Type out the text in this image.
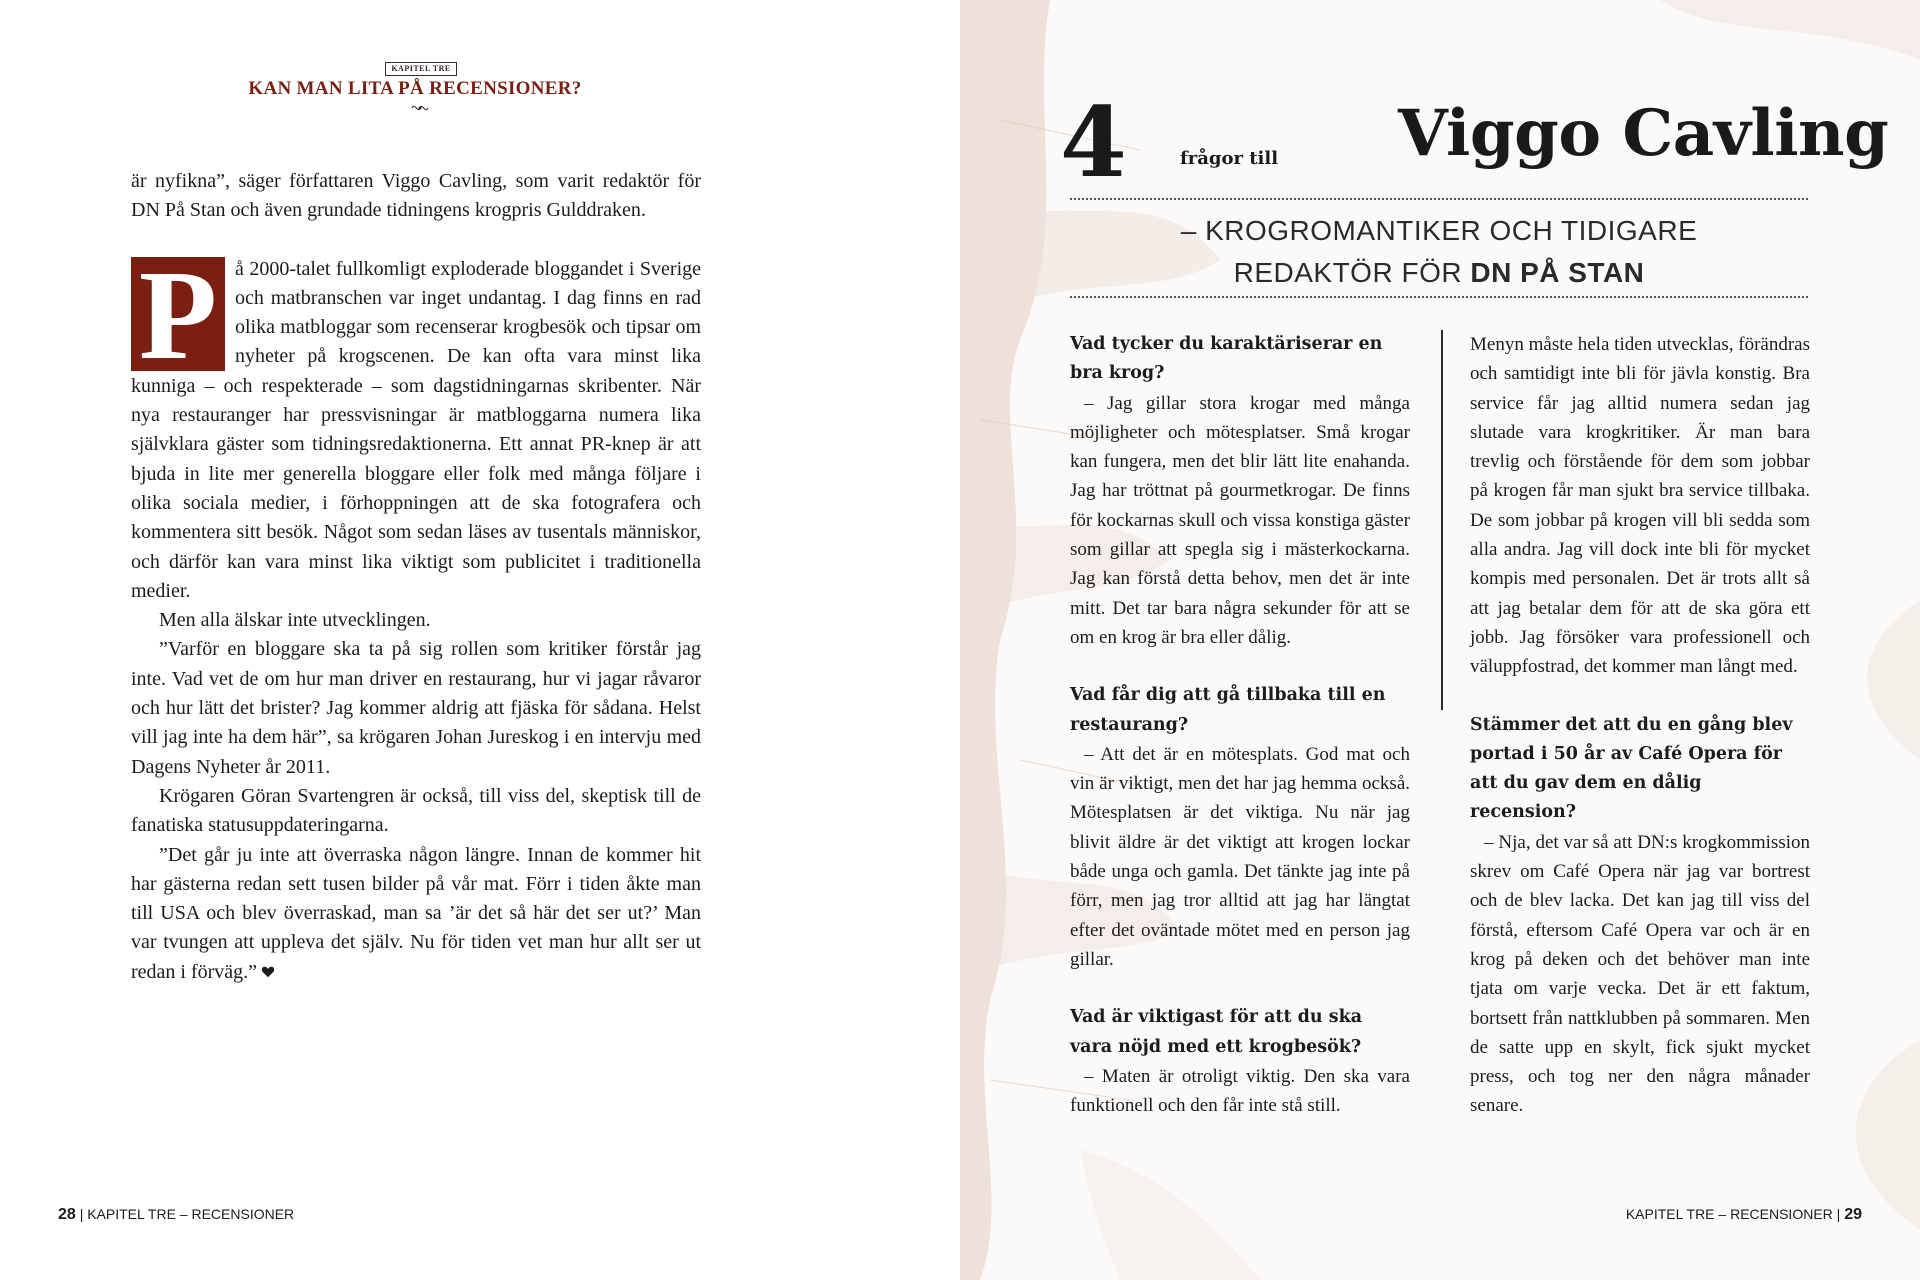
KAPITEL TRE
KAN MAN LITA PÅ RECENSIONER?

är nyfikna”, säger författaren Viggo Cavling, som varit redaktör för DN På Stan och även grundade tidningens krogpris Gulddraken.

P å 2000-talet fullkomligt exploderade bloggandet i Sverige och matbranschen var inget undantag. I dag finns en rad olika matbloggar som recenserar krogbesök och tipsar om nyheter på krogscenen. De kan ofta vara minst lika kunniga – och respekterade – som dagstidningarnas skribenter. När nya restauranger har pressvisningar är matbloggarna numera lika självklara gäster som tidningsredaktionerna. Ett annat PR-knep är att bjuda in lite mer generella bloggare eller folk med många följare i olika sociala medier, i förhoppningen att de ska fotografera och kommentera sitt besök. Något som sedan läses av tusentals människor, och därför kan vara minst lika viktigt som publicitet i traditionella medier.

Men alla älskar inte utvecklingen.

”Varför en bloggare ska ta på sig rollen som kritiker förstår jag inte. Vad vet de om hur man driver en restaurang, hur vi jagar råvaror och hur lätt det brister? Jag kommer aldrig att fjäska för sådana. Helst vill jag inte ha dem här”, sa krögaren Johan Jureskog i en intervju med Dagens Nyheter år 2011.

Krögaren Göran Svartengren är också, till viss del, skeptisk till de fanatiska statusuppdateringarna.

”Det går ju inte att överraska någon längre. Innan de kommer hit har gästerna redan sett tusen bilder på vår mat. Förr i tiden åkte man till USA och blev överraskad, man sa ’är det så här det ser ut?’ Man var tvungen att uppleva det själv. Nu för tiden vet man hur allt ser ut redan i förväg.”

28 | KAPITEL TRE – RECENSIONER
4	frågor till Viggo Cavling
– KROGROMANTIKER OCH TIDIGARE
REDAKTÖR FÖR DN PÅ STAN

Vad tycker du karaktäriserar en bra krog?

– Jag gillar stora krogar med många möjligheter och mötesplatser. Små krogar kan fungera, men det blir lätt lite enahanda. Jag har tröttnat på gourmetkrogar. De finns för kockarnas skull och vissa konstiga gäster som gillar att spegla sig i mästerkockarna. Jag kan förstå detta behov, men det är inte mitt. Det tar bara några sekunder för att se om en krog är bra eller dålig.

Vad får dig att gå tillbaka till en restaurang?

– Att det är en mötesplats. God mat och vin är viktigt, men det har jag hemma också. Mötesplatsen är det viktiga. Nu när jag blivit äldre är det viktigt att krogen lockar både unga och gamla. Det tänkte jag inte på förr, men jag tror alltid att jag har längtat efter det oväntade mötet med en person jag gillar.

Vad är viktigast för att du ska vara nöjd med ett krogbesök?

– Maten är otroligt viktig. Den ska vara funktionell och den får inte stå still.

Menyn måste hela tiden utvecklas, förändras och samtidigt inte bli för jävla konstig. Bra service får jag alltid numera sedan jag slutade vara krogkritiker. Är man bara trevlig och förstående för dem som jobbar på krogen får man sjukt bra service tillbaka. De som jobbar på krogen vill bli sedda som alla andra. Jag vill dock inte bli för mycket kompis med personalen. Det är trots allt så att jag betalar dem för att de ska göra ett jobb. Jag försöker vara professionell och väluppfostrad, det kommer man långt med.

Stämmer det att du en gång blev portad i 50 år av Café Opera för att du gav dem en dålig recension?

– Nja, det var så att DN:s krogkommission skrev om Café Opera när jag var bortrest och de blev lacka. Det kan jag till viss del förstå, eftersom Café Opera var och är en krog på deken och det behöver man inte tjata om varje vecka. Det är ett faktum, bortsett från nattklubben på sommaren. Men de satte upp en skylt, fick sjukt mycket press, och tog ner den några månader senare.

KAPITEL TRE – RECENSIONER | 29
